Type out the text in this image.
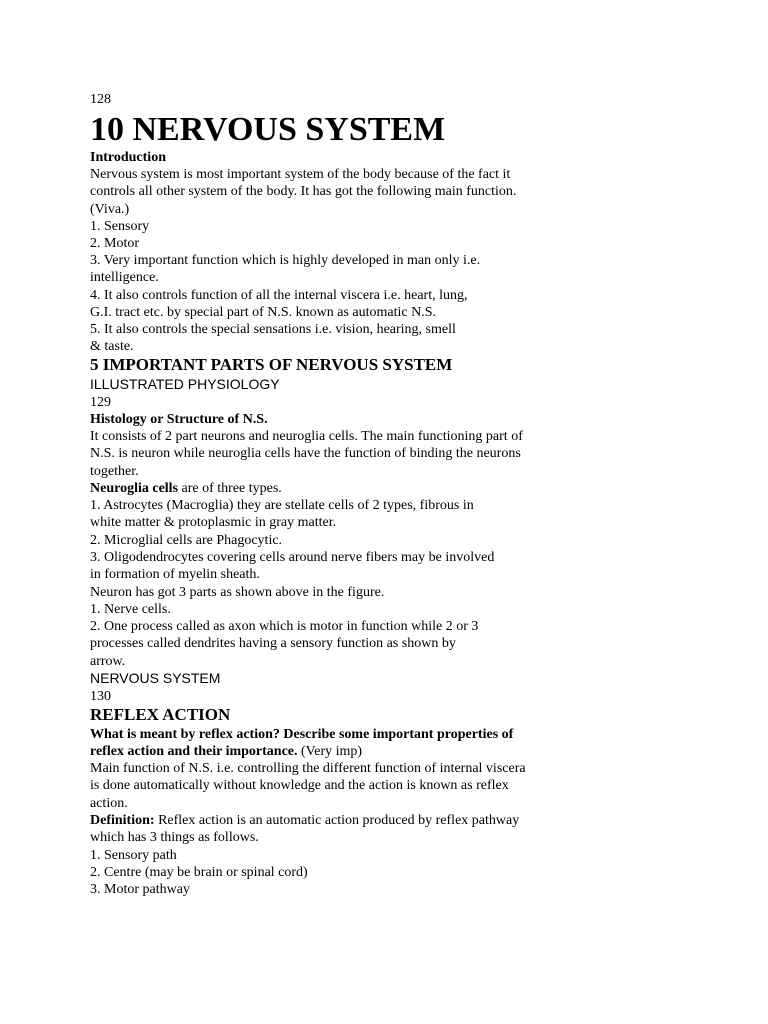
128
10 NERVOUS SYSTEM
Introduction
Nervous system is most important system of the body because of the fact it
controls all other system of the body. It has got the following main function.
(Viva.)
1. Sensory
2. Motor
3. Very important function which is highly developed in man only i.e.
intelligence.
4. It also controls function of all the internal viscera i.e. heart, lung,
G.I. tract etc. by special part of N.S. known as automatic N.S.
5. It also controls the special sensations i.e. vision, hearing, smell
& taste.
5 IMPORTANT PARTS OF NERVOUS SYSTEM
ILLUSTRATED PHYSIOLOGY
129
Histology or Structure of N.S.
It consists of 2 part neurons and neuroglia cells. The main functioning part of
N.S. is neuron while neuroglia cells have the function of binding the neurons
together.
Neuroglia cells are of three types.
1. Astrocytes (Macroglia) they are stellate cells of 2 types, fibrous in
white matter & protoplasmic in gray matter.
2. Microglial cells are Phagocytic.
3. Oligodendrocytes covering cells around nerve fibers may be involved
in formation of myelin sheath.
Neuron has got 3 parts as shown above in the figure.
1. Nerve cells.
2. One process called as axon which is motor in function while 2 or 3
processes called dendrites having a sensory function as shown by
arrow.
NERVOUS SYSTEM
130
REFLEX ACTION
What is meant by reflex action? Describe some important properties of
reflex action and their importance. (Very imp)
Main function of N.S. i.e. controlling the different function of internal viscera
is done automatically without knowledge and the action is known as reflex
action.
Definition: Reflex action is an automatic action produced by reflex pathway
which has 3 things as follows.
1. Sensory path
2. Centre (may be brain or spinal cord)
3. Motor pathway
